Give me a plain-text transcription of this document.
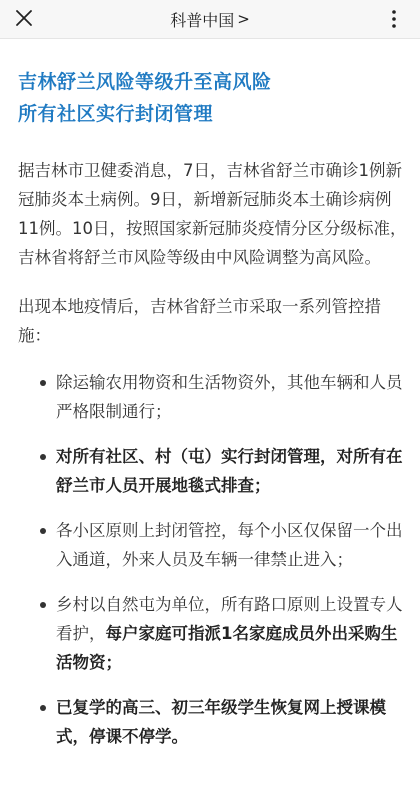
科普中国 >
吉林舒兰风险等级升至高风险
所有社区实行封闭管理

据吉林市卫健委消息，7日，吉林省舒兰市确诊1例新冠肺炎本土病例。9日，新增新冠肺炎本土确诊病例11例。10日，按照国家新冠肺炎疫情分区分级标准，吉林省将舒兰市风险等级由中风险调整为高风险。

出现本地疫情后，吉林省舒兰市采取一系列管控措施：

除运输农用物资和生活物资外，其他车辆和人员严格限制通行；
对所有社区、村（屯）实行封闭管理，对所有在舒兰市人员开展地毯式排查；
各小区原则上封闭管控，每个小区仅保留一个出入通道，外来人员及车辆一律禁止进入；
乡村以自然屯为单位，所有路口原则上设置专人看护，每户家庭可指派1名家庭成员外出采购生活物资；
已复学的高三、初三年级学生恢复网上授课模式，停课不停学。
